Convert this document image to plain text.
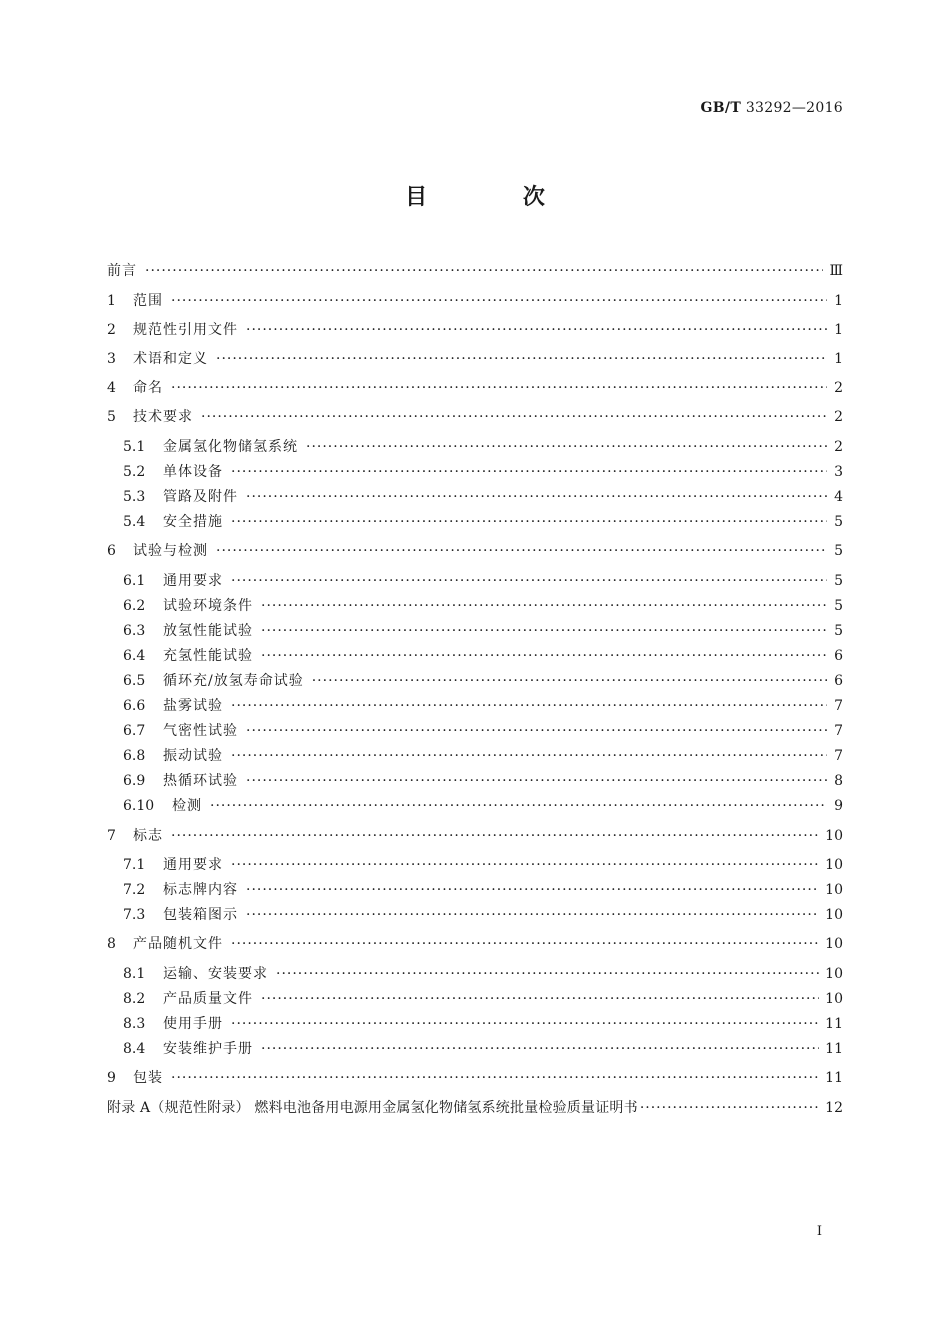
GB/T 33292—2016
目 次
前言 ·····	Ⅲ
1	范围 ·····	1
2	规范性引用文件 ·····	1
3	术语和定义 ·····	1
4	命名 ·····	2
5	技术要求 ·····	2
5.1	金属氢化物储氢系统 ·····	2
5.2	单体设备 ·····	3
5.3	管路及附件 ·····	4
5.4	安全措施 ·····	5
6	试验与检测 ·····	5
6.1	通用要求 ·····	5
6.2	试验环境条件 ·····	5
6.3	放氢性能试验 ·····	5
6.4	充氢性能试验 ·····	6
6.5	循环充/放氢寿命试验 ·····	6
6.6	盐雾试验 ·····	7
6.7	气密性试验 ·····	7
6.8	振动试验 ·····	7
6.9	热循环试验 ·····	8
6.10	检测 ·····	9
7	标志 ·····	10
7.1	通用要求 ·····	10
7.2	标志牌内容 ·····	10
7.3	包装箱图示 ·····	10
8	产品随机文件 ·····	10
8.1	运输、安装要求 ·····	10
8.2	产品质量文件 ·····	10
8.3	使用手册 ·····	11
8.4	安装维护手册 ·····	11
9	包装 ·····	11
附录 A（规范性附录） 燃料电池备用电源用金属氢化物储氢系统批量检验质量证明书 ·····	12
I
